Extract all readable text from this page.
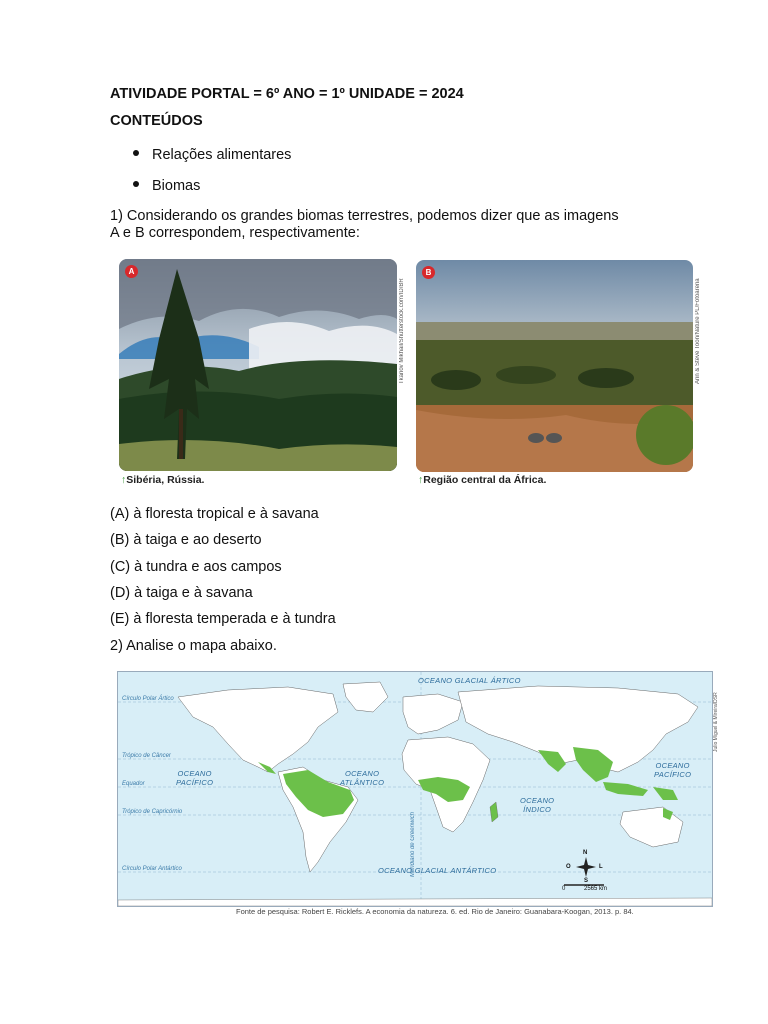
ATIVIDADE PORTAL = 6º ANO = 1º UNIDADE = 2024
CONTEÚDOS
Relações alimentares
Biomas
1) Considerando os grandes biomas terrestres, podemos dizer que as imagens
A e B correspondem, respectivamente:
A
Tkanov Mikhail/Shutterstock.com/ID/BR
↑Sibéria, Rússia.
B
Ann & Steve Toon/Nature PL/Fotoarena
↑Região central da África.
(A) à floresta tropical e à savana
(B) à taiga e ao deserto
(C) à tundra e aos campos
(D) à taiga e à savana
(E) à floresta temperada e à tundra
2) Analise o mapa abaixo.
OCEANO GLACIAL ÁRTICO
OCEANO GLACIAL ANTÁRTICO
OCEANO
PACÍFICO
OCEANO
ATLÂNTICO
OCEANO
ÍNDICO
OCEANO
PACÍFICO
Círculo Polar Ártico
Trópico de Câncer
Equador
Trópico de Capricórnio
Círculo Polar Antártico	Meridiano de Greenwich	N
S
L
O
0	2565 km
Julio Miguel & Mireira/DSR
Fonte de pesquisa: Robert E. Ricklefs. A economia da natureza. 6. ed. Rio de Janeiro: Guanabara-Koogan, 2013. p. 84.
